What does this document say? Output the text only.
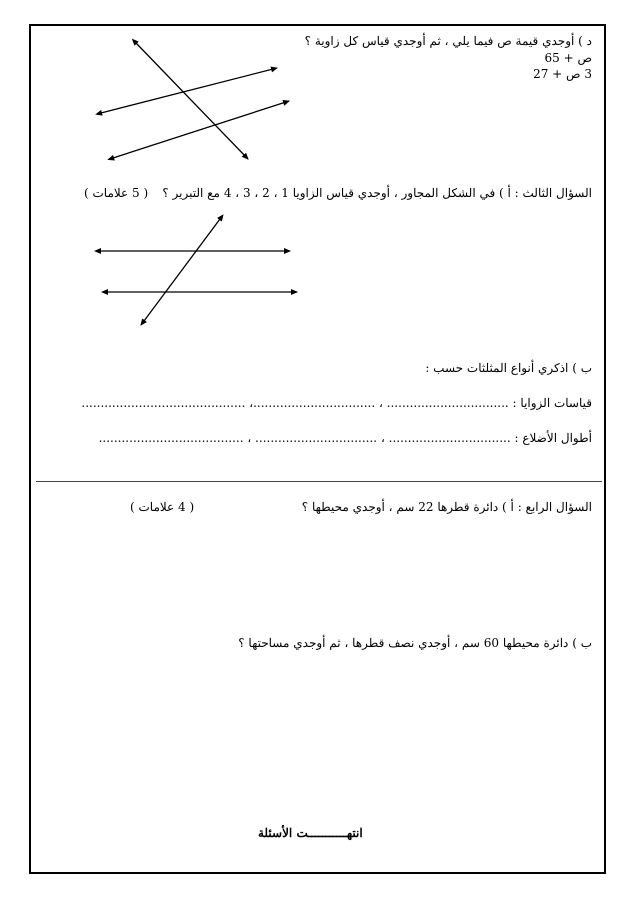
د ) أوجدي قيمة ص فيما يلي ، ثم أوجدي قياس كل زاوية ؟
ص + 65
3 ص + 27
السؤال الثالث : أ ) في الشكل المجاور ، أوجدي قياس الزاويا 1 ، 2 ، 3 ، 4 مع التبرير ؟
( 5 علامات )
ب ) اذكري أنواع المثلثات حسب :
قياسات الزوايا : ................................ ، ................................، ...........................................
أطوال الأضلاع : ................................ ، ................................ ، ......................................
السؤال الرابع : أ ) دائرة قطرها 22 سم ، أوجدي محيطها ؟
( 4 علامات )
ب ) دائرة محيطها 60 سم ، أوجدي نصف قطرها ، ثم أوجدي مساحتها ؟
انتهـــــــــــت الأسئلة
